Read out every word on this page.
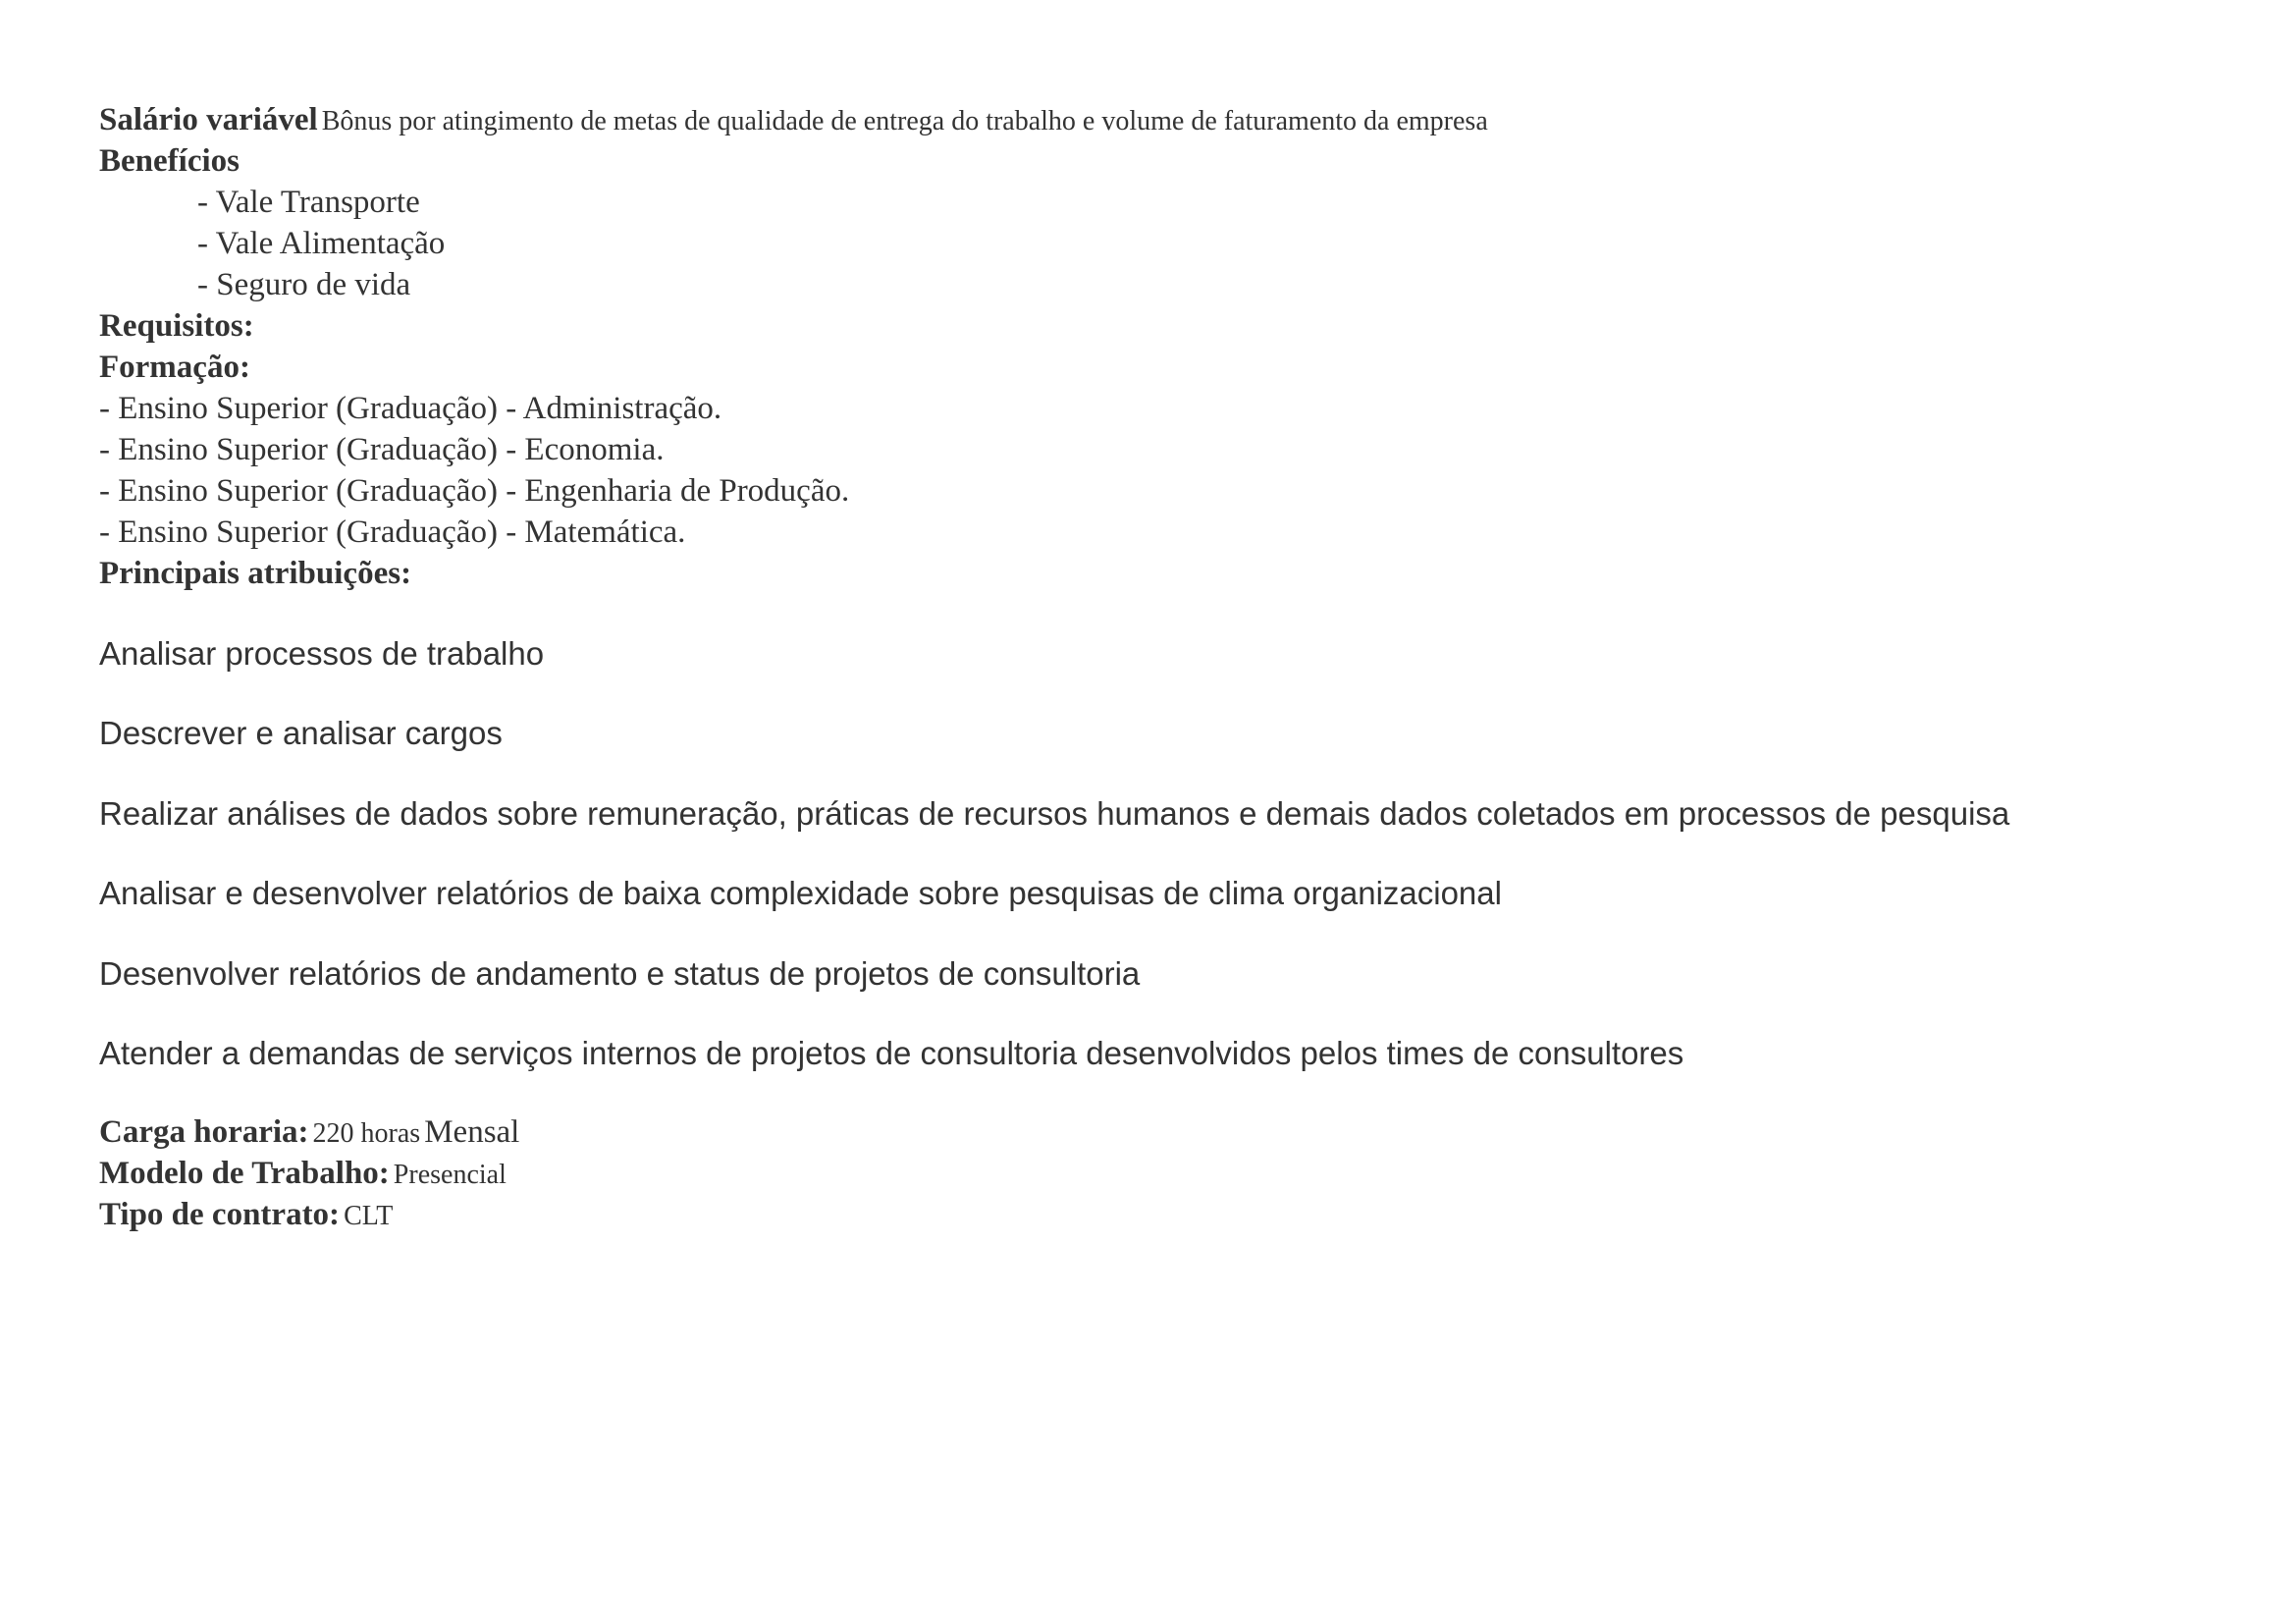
Salário variável Bônus por atingimento de metas de qualidade de entrega do trabalho e volume de faturamento da empresa
Benefícios
- Vale Transporte
- Vale Alimentação
- Seguro de vida
Requisitos:
Formação:
- Ensino Superior (Graduação) - Administração.
- Ensino Superior (Graduação) - Economia.
- Ensino Superior (Graduação) - Engenharia de Produção.
- Ensino Superior (Graduação) - Matemática.
Principais atribuições:
Analisar processos de trabalho
Descrever e analisar cargos
Realizar análises de dados sobre remuneração, práticas de recursos humanos e demais dados coletados em processos de pesquisa
Analisar e desenvolver relatórios de baixa complexidade sobre pesquisas de clima organizacional
Desenvolver relatórios de andamento e status de projetos de consultoria
Atender a demandas de serviços internos de projetos de consultoria desenvolvidos pelos times de consultores
Carga horaria: 220 horas Mensal
Modelo de Trabalho: Presencial
Tipo de contrato: CLT
